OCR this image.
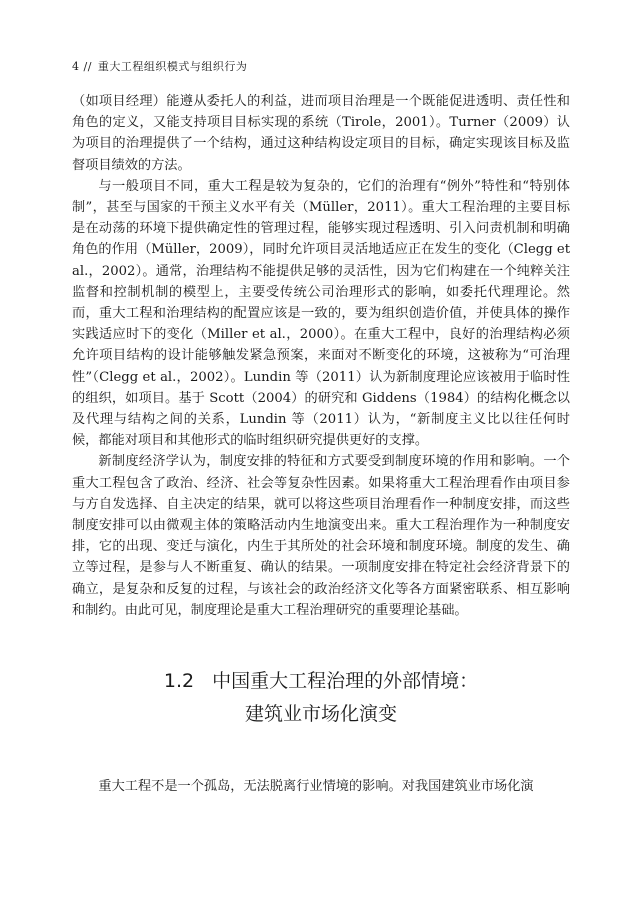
4 // 重大工程组织模式与组织行为

（如项目经理）能遵从委托人的利益，进而项目治理是一个既能促进透明、责任性和角色的定义，又能支持项目目标实现的系统（Tirole，2001）。Turner（2009）认为项目的治理提供了一个结构，通过这种结构设定项目的目标，确定实现该目标及监督项目绩效的方法。

与一般项目不同，重大工程是较为复杂的，它们的治理有“例外”特性和“特别体制”，甚至与国家的干预主义水平有关（Müller，2011）。重大工程治理的主要目标是在动荡的环境下提供确定性的管理过程，能够实现过程透明、引入问责机制和明确角色的作用（Müller，2009），同时允许项目灵活地适应正在发生的变化（Clegg et al.，2002）。通常，治理结构不能提供足够的灵活性，因为它们构建在一个纯粹关注监督和控制机制的模型上，主要受传统公司治理形式的影响，如委托代理理论。然而，重大工程和治理结构的配置应该是一致的，要为组织创造价值，并使具体的操作实践适应时下的变化（Miller et al.，2000）。在重大工程中，良好的治理结构必须允许项目结构的设计能够触发紧急预案，来面对不断变化的环境，这被称为“可治理性”（Clegg et al.，2002）。Lundin 等（2011）认为新制度理论应该被用于临时性的组织，如项目。基于 Scott（2004）的研究和 Giddens（1984）的结构化概念以及代理与结构之间的关系，Lundin 等（2011）认为，“新制度主义比以往任何时候，都能对项目和其他形式的临时组织研究提供更好的支撑。

新制度经济学认为，制度安排的特征和方式要受到制度环境的作用和影响。一个重大工程包含了政治、经济、社会等复杂性因素。如果将重大工程治理看作由项目参与方自发选择、自主决定的结果，就可以将这些项目治理看作一种制度安排，而这些制度安排可以由微观主体的策略活动内生地演变出来。重大工程治理作为一种制度安排，它的出现、变迁与演化，内生于其所处的社会环境和制度环境。制度的发生、确立等过程，是参与人不断重复、确认的结果。一项制度安排在特定社会经济背景下的确立，是复杂和反复的过程，与该社会的政治经济文化等各方面紧密联系、相互影响和制约。由此可见，制度理论是重大工程治理研究的重要理论基础。

1.2 中国重大工程治理的外部情境：
建筑业市场化演变

重大工程不是一个孤岛，无法脱离行业情境的影响。对我国建筑业市场化演
